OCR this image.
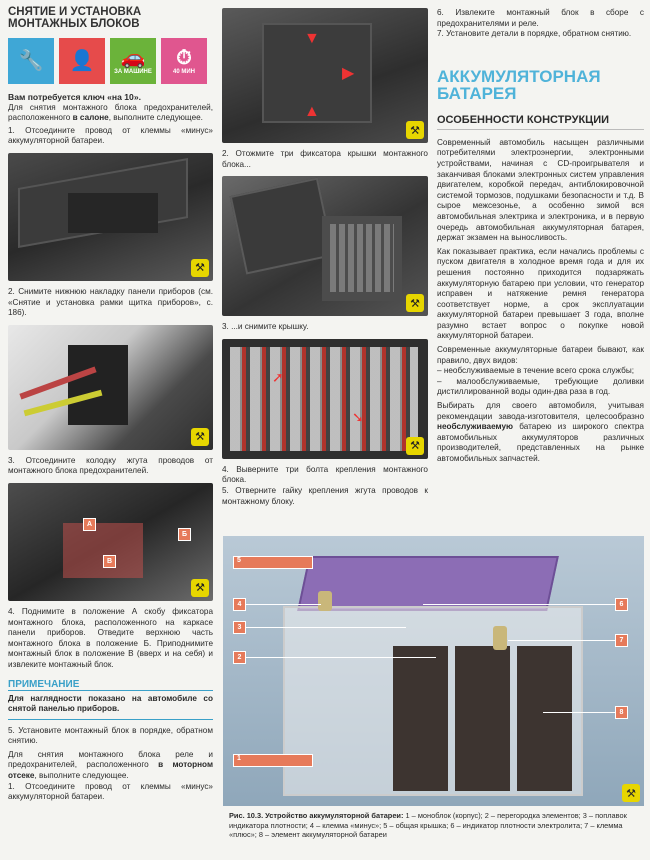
СНЯТИЕ И УСТАНОВКА
МОНТАЖНЫХ БЛОКОВ
🔧 👤 🚗
ЗА МАШИНЕ
⏱
40 МИН

Вам потребуется ключ «на 10».

Для снятия монтажного блока предохранителей, расположенного в салоне, выполните следующее.

1. Отсоедините провод от клеммы «минус» аккумуляторной батареи.

⚒

2. Снимите нижнюю накладку панели приборов (см. «Снятие и установка рамки щитка приборов», с. 186).

⚒

3. Отсоедините колодку жгута проводов от монтажного блока предохранителей.

А
Б
В
⚒

4. Поднимите в положение А скобу фиксатора монтажного блока, расположенного на каркасе панели приборов. Отведите верхнюю часть монтажного блока в положение Б. Приподнимите монтажный блок в положение В (вверх и на себя) и извлеките монтажный блок.

ПРИМЕЧАНИЕ

Для наглядности показано на автомобиле со снятой панелью приборов.

5. Установите монтажный блок в порядке, обратном снятию.

Для снятия монтажного блока реле и предохранителей, расположенного в моторном отсеке, выполните следующее.

1. Отсоедините провод от клеммы «минус» аккумуляторной батареи.

▼
▶
▲
⚒

2. Отожмите три фиксатора крышки монтажного блока...

⚒

3. ...и снимите крышку.

➚
➘
⚒

4. Выверните три болта крепления монтажного блока.

5. Отверните гайку крепления жгута проводов к монтажному блоку.

6. Извлеките монтажный блок в сборе с предохранителями и реле.

7. Установите детали в порядке, обратном снятию.

АККУМУЛЯТОРНАЯ
БАТАРЕЯ
ОСОБЕННОСТИ КОНСТРУКЦИИ

Современный автомобиль насыщен различными потребителями электроэнергии, электронными устройствами, начиная с CD-проигрывателя и заканчивая блоками электронных систем управления двигателем, коробкой передач, антиблокировочной системой тормозов, подушками безопасности и т.д. В сырое межсезонье, а особенно зимой вся автомобильная электрика и электроника, и в первую очередь автомобильная аккумуляторная батарея, держат экзамен на выносливость.

Как показывает практика, если начались проблемы с пуском двигателя в холодное время года и для их решения постоянно приходится подзаряжать аккумуляторную батарею при условии, что генератор исправен и натяжение ремня генератора соответствует норме, а срок эксплуатации аккумуляторной батареи превышает 3 года, вполне разумно встает вопрос о покупке новой аккумуляторной батареи.

Современные аккумуляторные батареи бывают, как правило, двух видов:

– необслуживаемые в течение всего срока службы;

– малообслуживаемые, требующие доливки дистиллированной воды один-два раза в год.

Выбирать для своего автомобиля, учитывая рекомендации завода-изготовителя, целесообразно необслуживаемую батарею из широкого спектра автомобильных аккумуляторов различных производителей, представленных на рынке автомобильных запчастей.

5
4
3
2
1
6
7
8
⚒
Рис. 10.3. Устройство аккумуляторной батареи: 1 – моноблок (корпус); 2 – перегородка элементов; 3 – поплавок индикатора плотности; 4 – клемма «минус»; 5 – общая крышка; 6 – индикатор плотности электролита; 7 – клемма «плюс»; 8 – элемент аккумуляторной батареи
